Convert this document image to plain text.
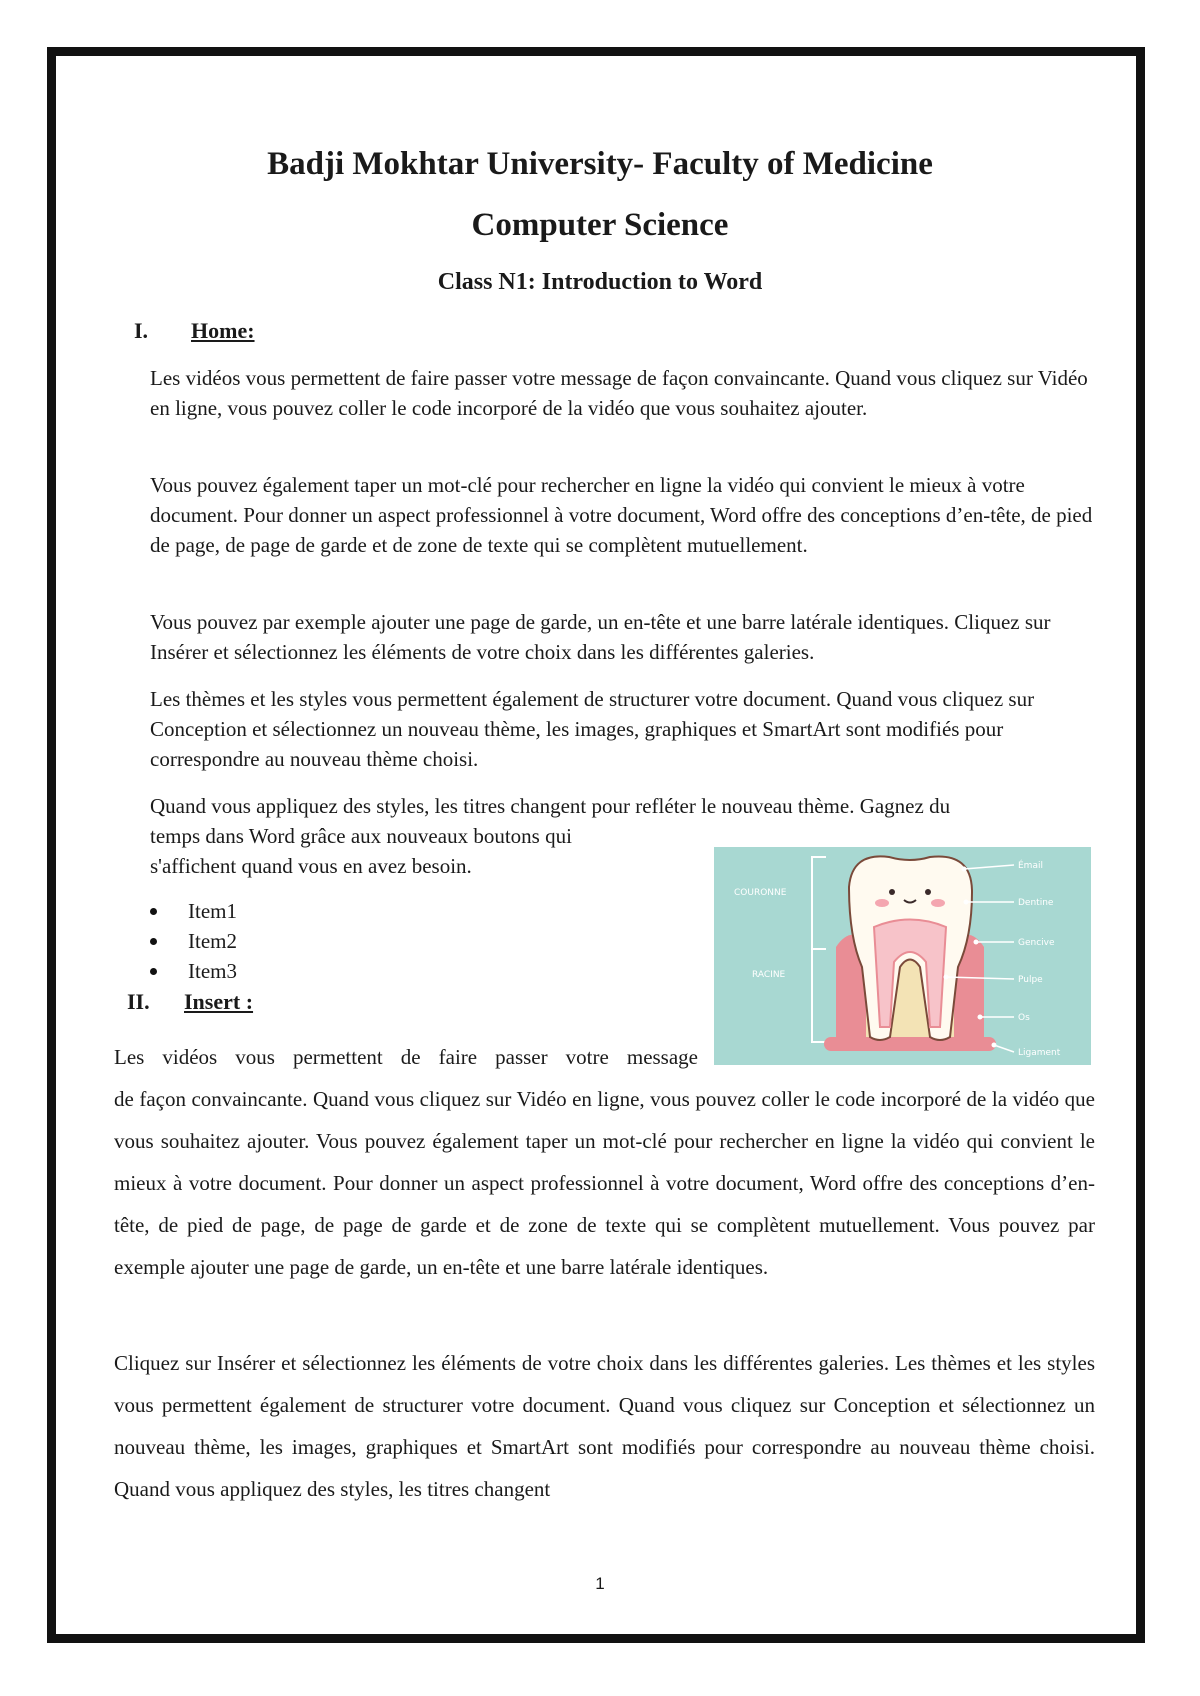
Badji Mokhtar University- Faculty of Medicine
Computer Science
Class N1: Introduction to Word
I. Home:

Les vidéos vous permettent de faire passer votre message de façon convaincante. Quand vous cliquez sur Vidéo en ligne, vous pouvez coller le code incorporé de la vidéo que vous souhaitez ajouter.

Vous pouvez également taper un mot-clé pour rechercher en ligne la vidéo qui convient le mieux à votre document. Pour donner un aspect professionnel à votre document, Word offre des conceptions d’en-tête, de pied de page, de page de garde et de zone de texte qui se complètent mutuellement.

Vous pouvez par exemple ajouter une page de garde, un en-tête et une barre latérale identiques. Cliquez sur Insérer et sélectionnez les éléments de votre choix dans les différentes galeries.

Les thèmes et les styles vous permettent également de structurer votre document. Quand vous cliquez sur Conception et sélectionnez un nouveau thème, les images, graphiques et SmartArt sont modifiés pour correspondre au nouveau thème choisi.

Quand vous appliquez des styles, les titres changent pour refléter le nouveau thème. Gagnez du

temps dans Word grâce aux nouveaux boutons qui

s'affichent quand vous en avez besoin.

Item1
Item2
Item3
II. Insert :

Les vidéos vous permettent de faire passer votre message

de façon convaincante. Quand vous cliquez sur Vidéo en ligne, vous pouvez coller le code incorporé de la vidéo que vous souhaitez ajouter. Vous pouvez également taper un mot-clé pour rechercher en ligne la vidéo qui convient le mieux à votre document. Pour donner un aspect professionnel à votre document, Word offre des conceptions d’en-tête, de pied de page, de page de garde et de zone de texte qui se complètent mutuellement. Vous pouvez par exemple ajouter une page de garde, un en-tête et une barre latérale identiques.

Cliquez sur Insérer et sélectionnez les éléments de votre choix dans les différentes galeries. Les thèmes et les styles vous permettent également de structurer votre document. Quand vous cliquez sur Conception et sélectionnez un nouveau thème, les images, graphiques et SmartArt sont modifiés pour correspondre au nouveau thème choisi. Quand vous appliquez des styles, les titres changent

COURONNE
RACINE
Émail
Dentine
Gencive
Pulpe
Os
Ligament
1
